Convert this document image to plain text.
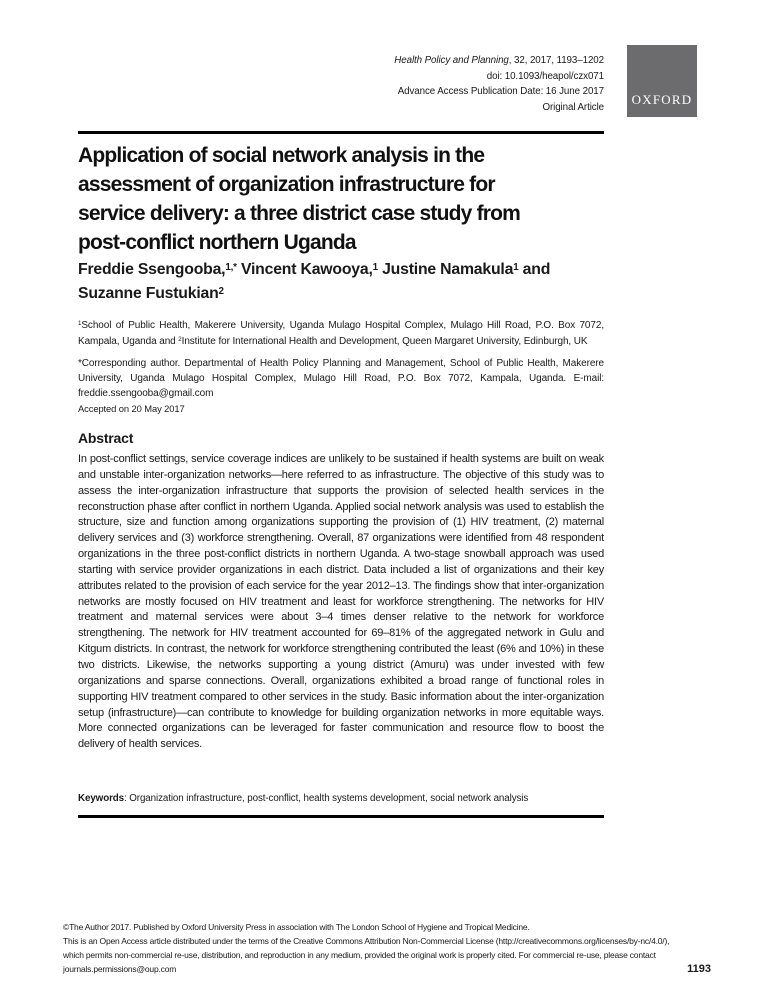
Health Policy and Planning, 32, 2017, 1193–1202
doi: 10.1093/heapol/czx071
Advance Access Publication Date: 16 June 2017
Original Article	OXFORD
Application of social network analysis in the
assessment of organization infrastructure for
service delivery: a three district case study from
post-conflict northern Uganda
Freddie Ssengooba,$^{1,*}$ Vincent Kawooya,$^1$ Justine Namakula$^1$ and
Suzanne Fustukian$^2$
$^1$School of Public Health, Makerere University, Uganda Mulago Hospital Complex, Mulago Hill Road, P.O. Box 7072, Kampala, Uganda and $^2$Institute for International Health and Development, Queen Margaret University, Edinburgh, UK
*Corresponding author. Departmental of Health Policy Planning and Management, School of Public Health, Makerere University, Uganda Mulago Hospital Complex, Mulago Hill Road, P.O. Box 7072, Kampala, Uganda. E-mail: freddie.ssengooba@gmail.com
Accepted on 20 May 2017
Abstract
In post-conflict settings, service coverage indices are unlikely to be sustained if health systems are built on weak and unstable inter-organization networks—here referred to as infrastructure. The objective of this study was to assess the inter-organization infrastructure that supports the provision of selected health services in the reconstruction phase after conflict in northern Uganda. Applied social network analysis was used to establish the structure, size and function among organizations supporting the provision of (1) HIV treatment, (2) maternal delivery services and (3) workforce strengthening. Overall, 87 organizations were identified from 48 respondent organizations in the three post-conflict districts in northern Uganda. A two-stage snowball approach was used starting with service provider organizations in each district. Data included a list of organizations and their key attributes related to the provision of each service for the year 2012–13. The findings show that inter-organization networks are mostly focused on HIV treatment and least for workforce strengthening. The networks for HIV treatment and maternal services were about 3–4 times denser relative to the network for workforce strengthening. The network for HIV treatment accounted for 69–81% of the aggregated network in Gulu and Kitgum districts. In contrast, the network for workforce strengthening contributed the least (6% and 10%) in these two districts. Likewise, the networks supporting a young district (Amuru) was under invested with few organizations and sparse connections. Overall, organizations exhibited a broad range of functional roles in supporting HIV treatment compared to other services in the study. Basic information about the inter-organization setup (infrastructure)—can contribute to knowledge for building organization networks in more equitable ways. More connected organizations can be leveraged for faster communication and resource flow to boost the delivery of health services.
Keywords: Organization infrastructure, post-conflict, health systems development, social network analysis
©The Author 2017. Published by Oxford University Press in association with The London School of Hygiene and Tropical Medicine.
This is an Open Access article distributed under the terms of the Creative Commons Attribution Non-Commercial License (http://creativecommons.org/licenses/by-nc/4.0/),
which permits non-commercial re-use, distribution, and reproduction in any medium, provided the original work is properly cited. For commercial re-use, please contact
journals.permissions@oup.com	1193
